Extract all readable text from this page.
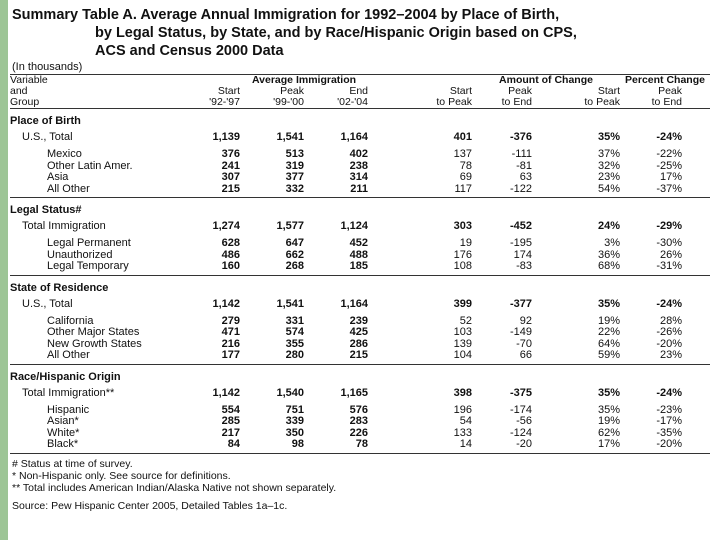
Summary Table A. Average Annual Immigration for 1992–2004 by Place of Birth,
by Legal Status, by State, and by Race/Hispanic Origin based on CPS,
ACS and Census 2000 Data
(In thousands)
Variable		Average Immigration			Amount of Change		Percent Change	
and	Start	Peak	End	Start	Peak	Start	Peak	
Group	'92-'97	'99-'00	'02-'04	to Peak	to End	to Peak	to End	
Place of Birth								
U.S., Total	1,139	1,541	1,164	401	-376	35%	-24%	
Mexico	376	513	402	137	-111	37%	-22%	
Other Latin Amer.	241	319	238	78	-81	32%	-25%	
Asia	307	377	314	69	63	23%	17%	
All Other	215	332	211	117	-122	54%	-37%	

Legal Status#								
Total Immigration	1,274	1,577	1,124	303	-452	24%	-29%	
Legal Permanent	628	647	452	19	-195	3%	-30%	
Unauthorized	486	662	488	176	174	36%	26%	
Legal Temporary	160	268	185	108	-83	68%	-31%	

State of Residence								
U.S., Total	1,142	1,541	1,164	399	-377	35%	-24%	
California	279	331	239	52	92	19%	28%	
Other Major States	471	574	425	103	-149	22%	-26%	
New Growth States	216	355	286	139	-70	64%	-20%	
All Other	177	280	215	104	66	59%	23%	

Race/Hispanic Origin								
Total Immigration**	1,142	1,540	1,165	398	-375	35%	-24%	
Hispanic	554	751	576	196	-174	35%	-23%	
Asian*	285	339	283	54	-56	19%	-17%	
White*	217	350	226	133	-124	62%	-35%	
Black*	84	98	78	14	-20	17%	-20%	

# Status at time of survey.
* Non-Hispanic only. See source for definitions.
** Total includes American Indian/Alaska Native not shown separately.
Source: Pew Hispanic Center 2005, Detailed Tables 1a–1c.
